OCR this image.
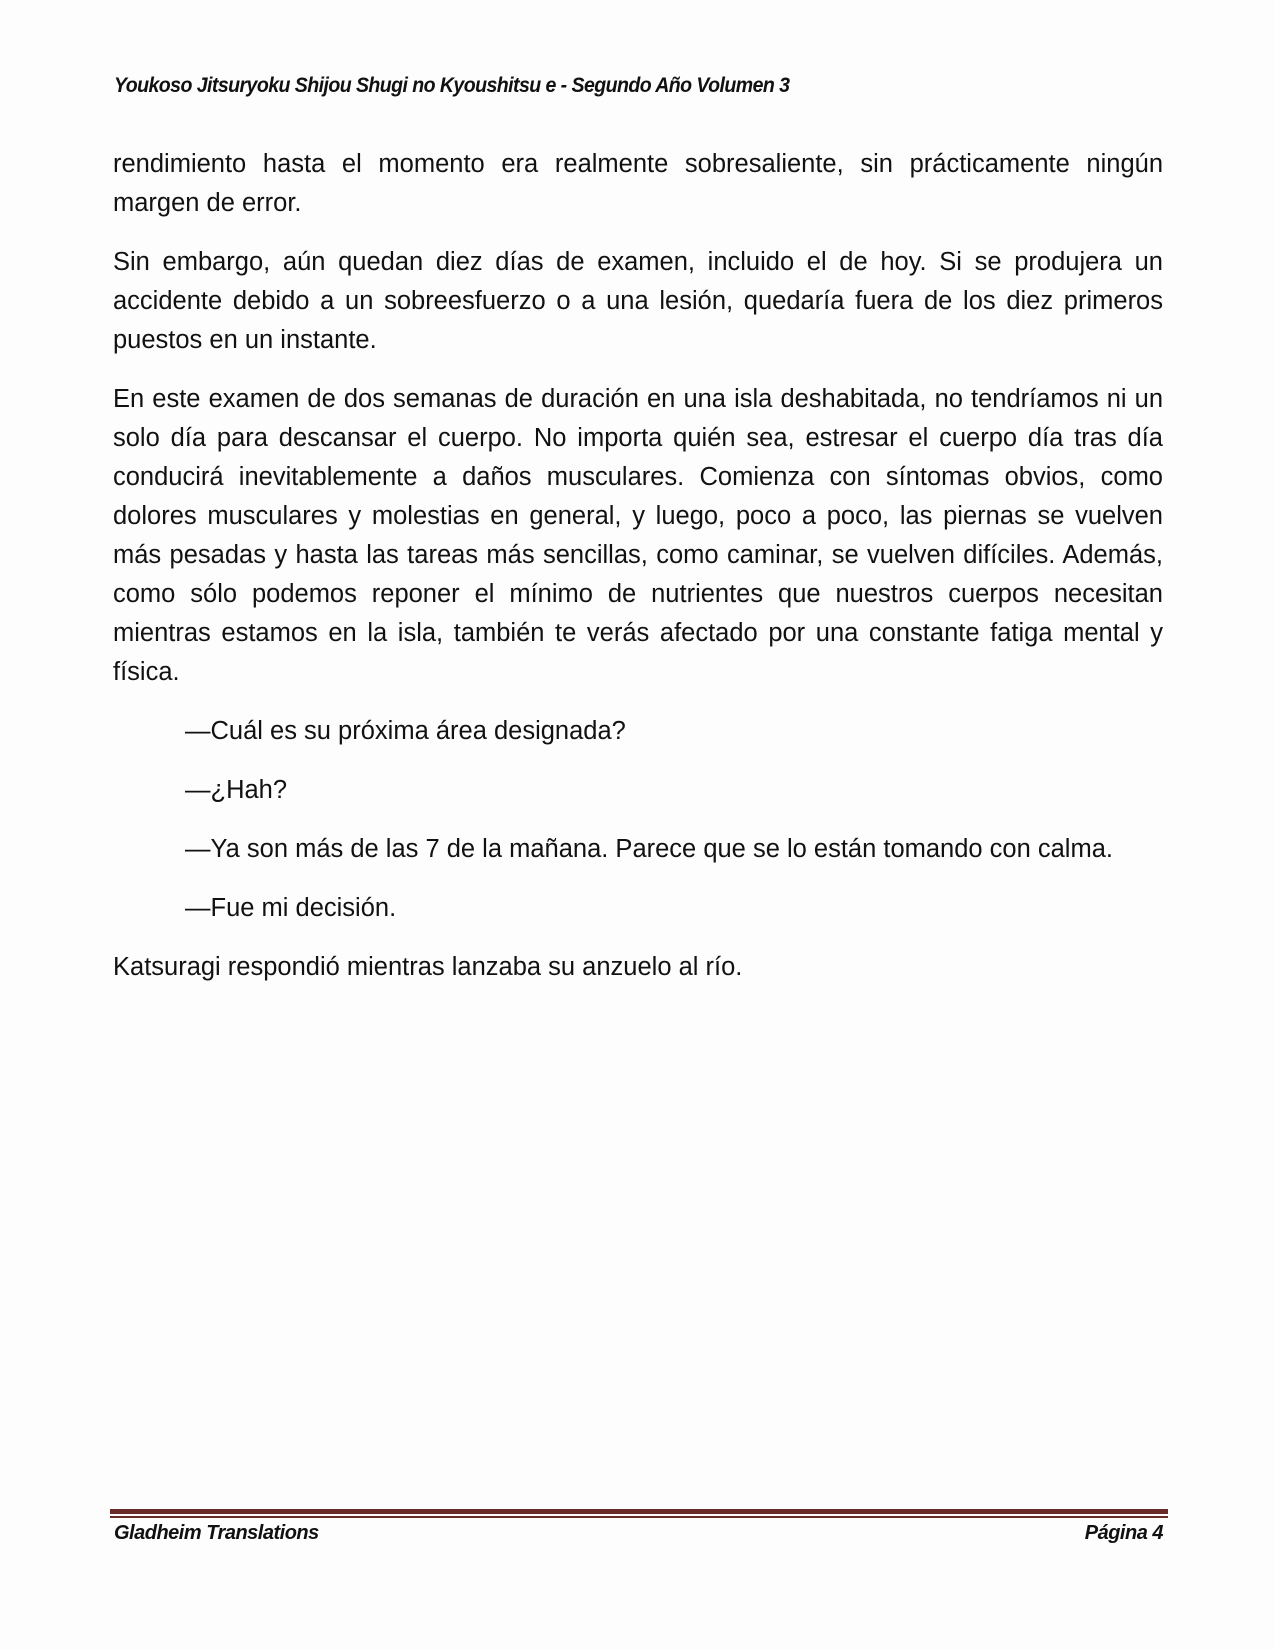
Youkoso Jitsuryoku Shijou Shugi no Kyoushitsu e - Segundo Año Volumen 3

rendimiento hasta el momento era realmente sobresaliente, sin prácticamente ningún margen de error.

Sin embargo, aún quedan diez días de examen, incluido el de hoy. Si se produjera un accidente debido a un sobreesfuerzo o a una lesión, quedaría fuera de los diez primeros puestos en un instante.

En este examen de dos semanas de duración en una isla deshabitada, no tendríamos ni un solo día para descansar el cuerpo. No importa quién sea, estresar el cuerpo día tras día conducirá inevitablemente a daños musculares. Comienza con síntomas obvios, como dolores musculares y molestias en general, y luego, poco a poco, las piernas se vuelven más pesadas y hasta las tareas más sencillas, como caminar, se vuelven difíciles. Además, como sólo podemos reponer el mínimo de nutrientes que nuestros cuerpos necesitan mientras estamos en la isla, también te verás afectado por una constante fatiga mental y física.

—Cuál es su próxima área designada?

—¿Hah?

—Ya son más de las 7 de la mañana. Parece que se lo están tomando con calma.

—Fue mi decisión.

Katsuragi respondió mientras lanzaba su anzuelo al río.

Gladheim Translations	Página 4
